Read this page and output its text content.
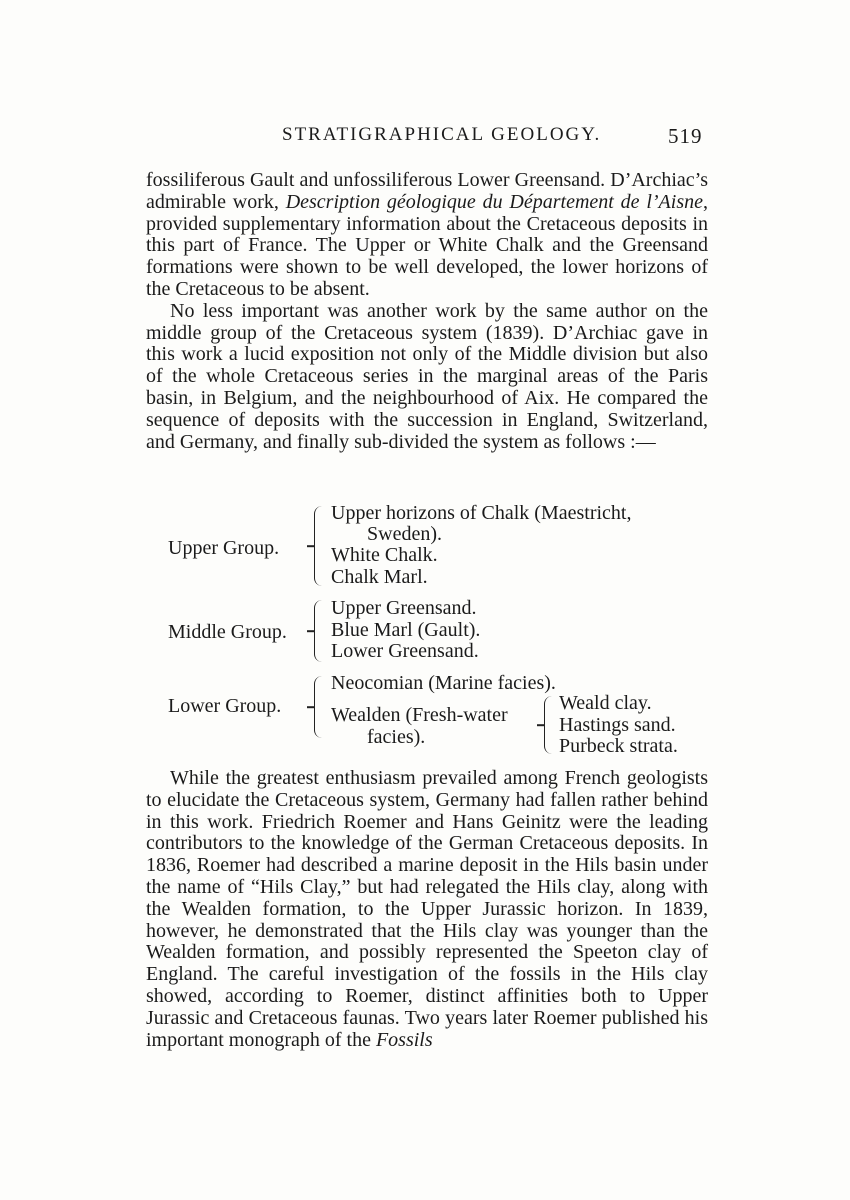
STRATIGRAPHICAL GEOLOGY.	519

fossiliferous Gault and unfossiliferous Lower Greensand. D’Archiac’s admirable work, Description géologique du Département de l’Aisne, provided supplementary information about the Cretaceous deposits in this part of France. The Upper or White Chalk and the Greensand formations were shown to be well developed, the lower horizons of the Cretaceous to be absent.

No less important was another work by the same author on the middle group of the Cretaceous system (1839). D’Archiac gave in this work a lucid exposition not only of the Middle division but also of the whole Cretaceous series in the marginal areas of the Paris basin, in Belgium, and the neighbourhood of Aix. He compared the sequence of deposits with the succession in England, Switzerland, and Germany, and finally sub-divided the system as follows :—

Upper Group.
Upper horizons of Chalk (Maestricht,
Sweden).
White Chalk.
Chalk Marl.
Middle Group.
Upper Greensand.
Blue Marl (Gault).
Lower Greensand.
Lower Group.
Neocomian (Marine facies).
Wealden (Fresh-water
facies).
Weald clay.
Hastings sand.
Purbeck strata.

While the greatest enthusiasm prevailed among French geologists to elucidate the Cretaceous system, Germany had fallen rather behind in this work. Friedrich Roemer and Hans Geinitz were the leading contributors to the knowledge of the German Cretaceous deposits. In 1836, Roemer had described a marine deposit in the Hils basin under the name of “Hils Clay,” but had relegated the Hils clay, along with the Wealden formation, to the Upper Jurassic horizon. In 1839, however, he demonstrated that the Hils clay was younger than the Wealden formation, and possibly represented the Speeton clay of England. The careful investigation of the fossils in the Hils clay showed, according to Roemer, distinct affinities both to Upper Jurassic and Cretaceous faunas. Two years later Roemer published his important monograph of the Fossils
